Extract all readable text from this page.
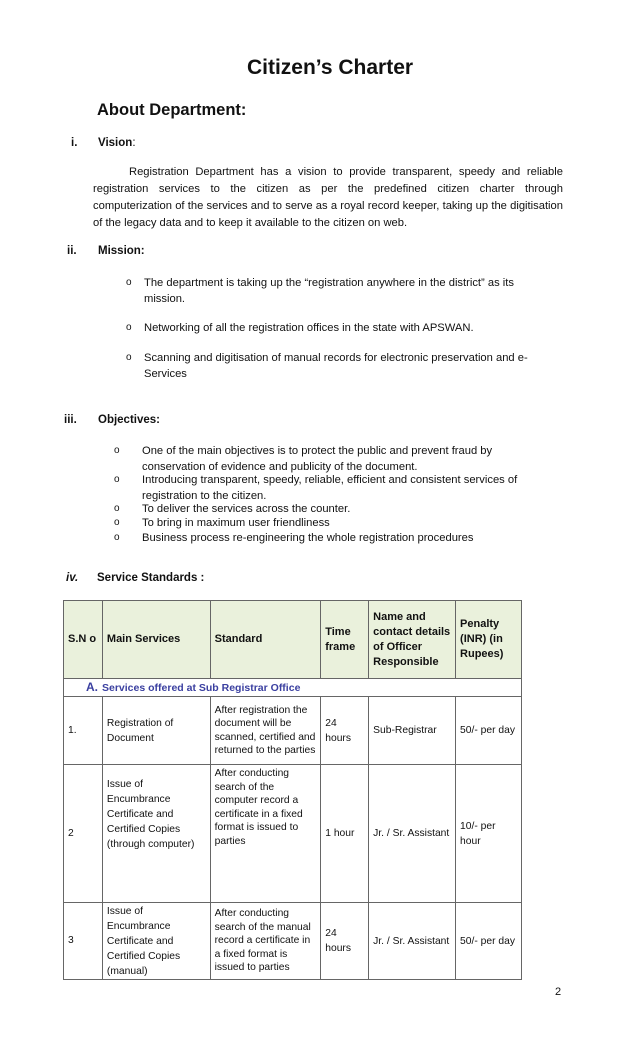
Citizen’s Charter
About Department:
i. Vision:
Registration Department has a vision to provide transparent, speedy and reliable registration services to the citizen as per the predefined citizen charter through computerization of the services and to serve as a royal record keeper, taking up the digitisation of the legacy data and to keep it available to the citizen on web.
ii. Mission:
o The department is taking up the “registration anywhere in the district” as its
mission.
o Networking of all the registration offices in the state with APSWAN.
o Scanning and digitisation of manual records for electronic preservation and e-
Services
iii. Objectives:
o One of the main objectives is to protect the public and prevent fraud by
conservation of evidence and publicity of the document.
o Introducing transparent, speedy, reliable, efficient and consistent services of
registration to the citizen.
o To deliver the services across the counter.
o To bring in maximum user friendliness
o Business process re-engineering the whole registration procedures
iv. Service Standards :
S.N o	Main Services	Standard	Time frame	Name and contact details of Officer Responsible	Penalty (INR) (in Rupees)
A. Services offered at Sub Registrar Office					
1.	Registration of Document	After registration the document will be scanned, certified and returned to the parties	24 hours	Sub-Registrar	50/- per day
2	Issue of Encumbrance Certificate and Certified Copies (through computer)	After conducting search of the computer record a certificate in a fixed format is issued to parties	1 hour	Jr. / Sr. Assistant	10/- per hour
3	Issue of Encumbrance Certificate and Certified Copies (manual)	After conducting search of the manual record a certificate in a fixed format is issued to parties	24 hours	Jr. / Sr. Assistant	50/- per day
2
